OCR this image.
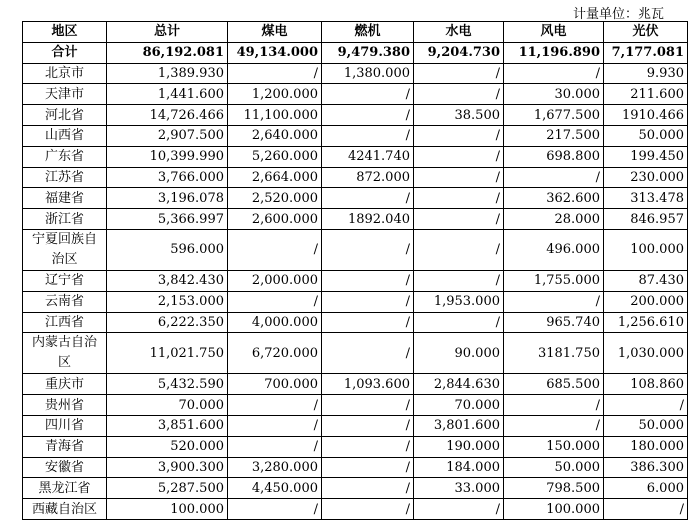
计量单位：兆瓦
地区	总计	煤电	燃机	水电	风电	光伏
合计	86,192.081	49,134.000	9,479.380	9,204.730	11,196.890	7,177.081
北京市	1,389.930	/	1,380.000	/	/	9.930
天津市	1,441.600	1,200.000	/	/	30.000	211.600
河北省	14,726.466	11,100.000	/	38.500	1,677.500	1910.466
山西省	2,907.500	2,640.000	/	/	217.500	50.000
广东省	10,399.990	5,260.000	4241.740	/	698.800	199.450
江苏省	3,766.000	2,664.000	872.000	/	/	230.000
福建省	3,196.078	2,520.000	/	/	362.600	313.478
浙江省	5,366.997	2,600.000	1892.040	/	28.000	846.957
宁夏回族自治区	596.000	/	/	/	496.000	100.000
辽宁省	3,842.430	2,000.000	/	/	1,755.000	87.430
云南省	2,153.000	/	/	1,953.000	/	200.000
江西省	6,222.350	4,000.000	/	/	965.740	1,256.610
内蒙古自治区	11,021.750	6,720.000	/	90.000	3181.750	1,030.000
重庆市	5,432.590	700.000	1,093.600	2,844.630	685.500	108.860
贵州省	70.000	/	/	70.000	/	/
四川省	3,851.600	/	/	3,801.600	/	50.000
青海省	520.000	/	/	190.000	150.000	180.000
安徽省	3,900.300	3,280.000	/	184.000	50.000	386.300
黑龙江省	5,287.500	4,450.000	/	33.000	798.500	6.000
西藏自治区	100.000	/	/	/	100.000	/
